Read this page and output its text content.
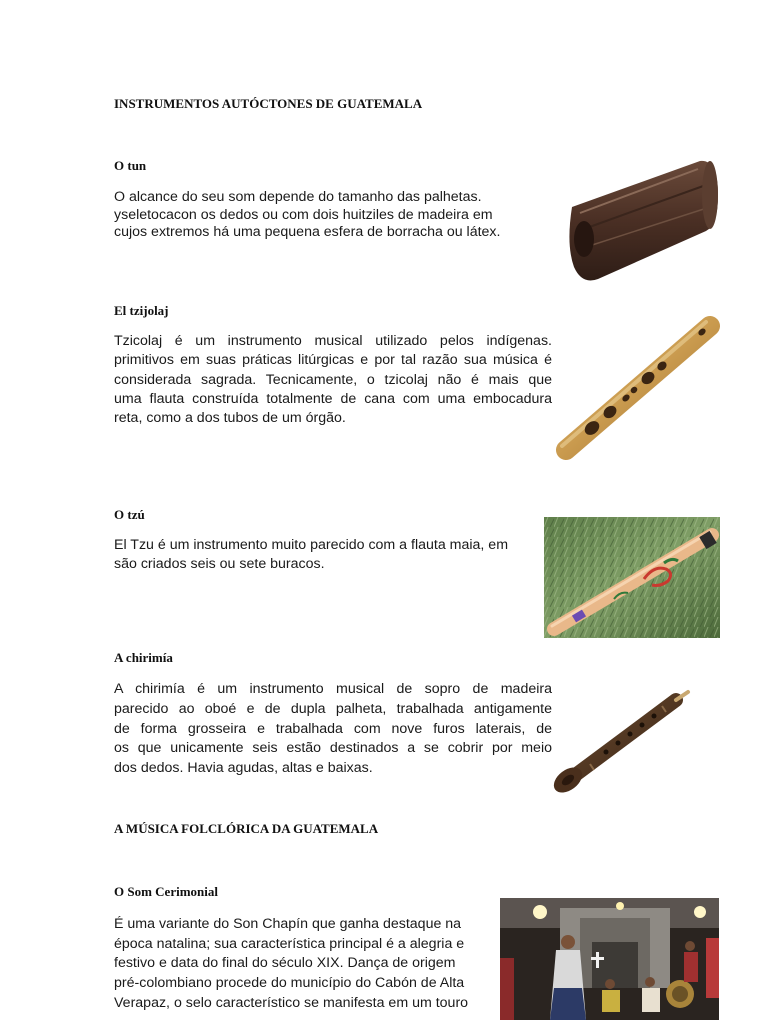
INSTRUMENTOS AUTÓCTONES DE GUATEMALA
O tun
O alcance do seu som depende do tamanho das palhetas.
yseletocacon os dedos ou com dois huitziles de madeira em
cujos extremos há uma pequena esfera de borracha ou látex.
El tzijolaj
Tzicolaj é um instrumento musical utilizado pelos indígenas.
primitivos em suas práticas litúrgicas e por tal razão sua música é
considerada sagrada. Tecnicamente, o tzicolaj não é mais que
uma flauta construída totalmente de cana com uma embocadura
reta, como a dos tubos de um órgão.
O tzú
El Tzu é um instrumento muito parecido com a flauta maia, em
são criados seis ou sete buracos.
A chirimía
A chirimía é um instrumento musical de sopro de madeira
parecido ao oboé e de dupla palheta, trabalhada antigamente
de forma grosseira e trabalhada com nove furos laterais, de
os que unicamente seis estão destinados a se cobrir por meio
dos dedos. Havia agudas, altas e baixas.
A MÚSICA FOLCLÓRICA DA GUATEMALA
O Som Cerimonial
É uma variante do Son Chapín que ganha destaque na
época natalina; sua característica principal é a alegria e
festivo e data do final do século XIX. Dança de origem
pré-colombiano procede do município do Cabón de Alta
Verapaz, o selo característico se manifesta em um touro
